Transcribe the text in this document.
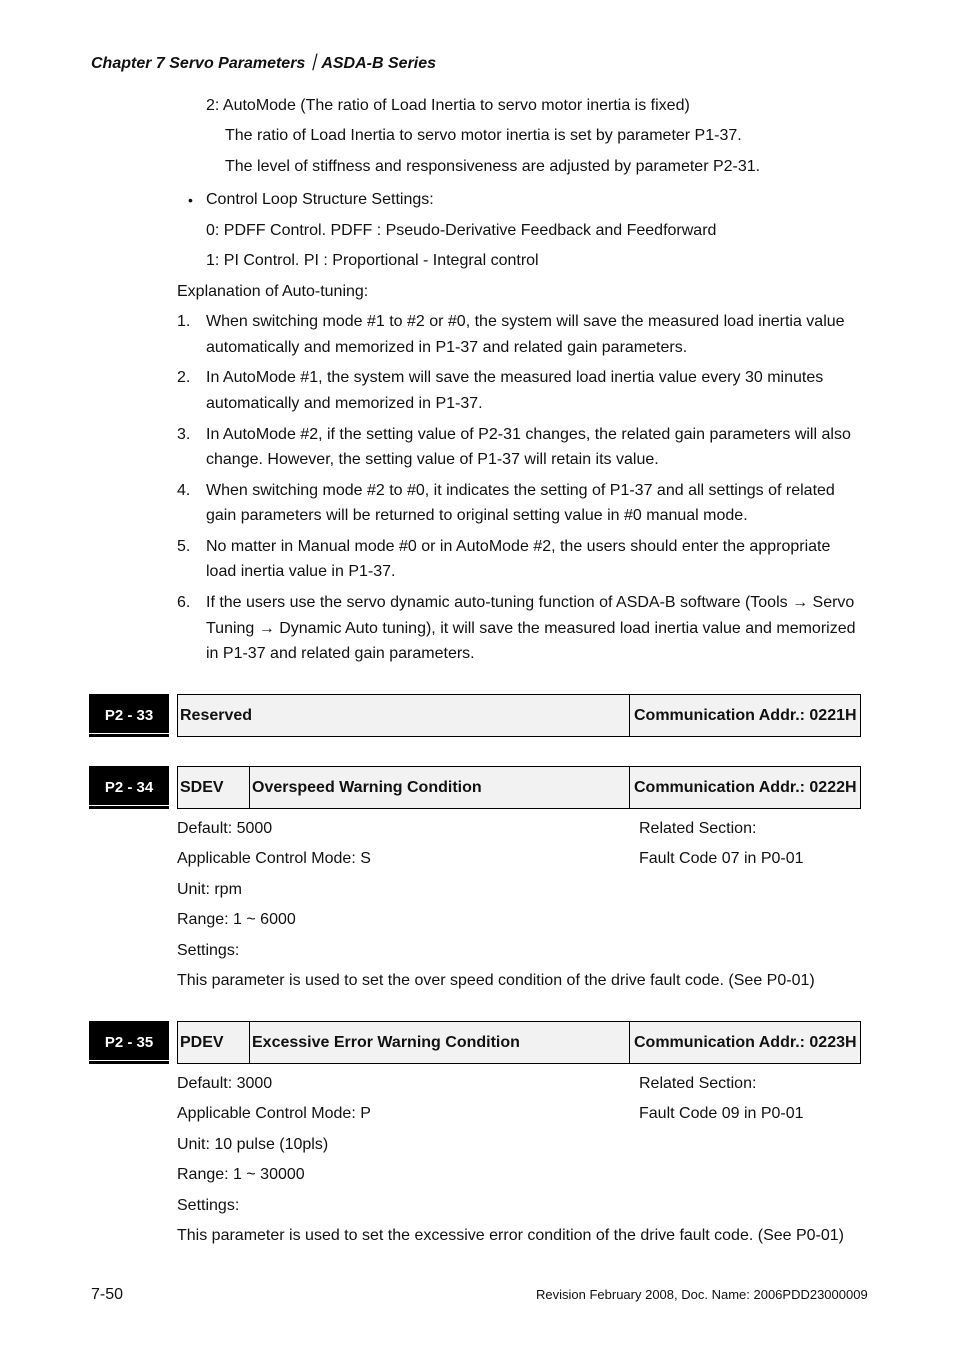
Chapter 7 Servo Parameters｜ASDA-B Series
2: AutoMode (The ratio of Load Inertia to servo motor inertia is fixed)
The ratio of Load Inertia to servo motor inertia is set by parameter P1-37.
The level of stiffness and responsiveness are adjusted by parameter P2-31.
• Control Loop Structure Settings:
0: PDFF Control. PDFF : Pseudo-Derivative Feedback and Feedforward
1: PI Control. PI : Proportional - Integral control
Explanation of Auto-tuning:
1. When switching mode #1 to #2 or #0, the system will save the measured load inertia value
automatically and memorized in P1-37 and related gain parameters.
2. In AutoMode #1, the system will save the measured load inertia value every 30 minutes
automatically and memorized in P1-37.
3. In AutoMode #2, if the setting value of P2-31 changes, the related gain parameters will also
change. However, the setting value of P1-37 will retain its value.
4. When switching mode #2 to #0, it indicates the setting of P1-37 and all settings of related
gain parameters will be returned to original setting value in #0 manual mode.
5. No matter in Manual mode #0 or in AutoMode #2, the users should enter the appropriate
load inertia value in P1-37.
6. If the users use the servo dynamic auto-tuning function of ASDA-B software (Tools → Servo
Tuning → Dynamic Auto tuning), it will save the measured load inertia value and memorized
in P1-37 and related gain parameters.
P2 - 33	Reserved	Communication Addr.: 0221H
P2 - 34	SDEV	Overspeed Warning Condition	Communication Addr.: 0222H
Default: 5000	Related Section:
Applicable Control Mode: S	Fault Code 07 in P0-01
Unit: rpm
Range: 1 ~ 6000
Settings:
This parameter is used to set the over speed condition of the drive fault code. (See P0-01)
P2 - 35	PDEV	Excessive Error Warning Condition	Communication Addr.: 0223H
Default: 3000	Related Section:
Applicable Control Mode: P	Fault Code 09 in P0-01
Unit: 10 pulse (10pls)
Range: 1 ~ 30000
Settings:
This parameter is used to set the excessive error condition of the drive fault code. (See P0-01)
7-50	Revision February 2008, Doc. Name: 2006PDD23000009
